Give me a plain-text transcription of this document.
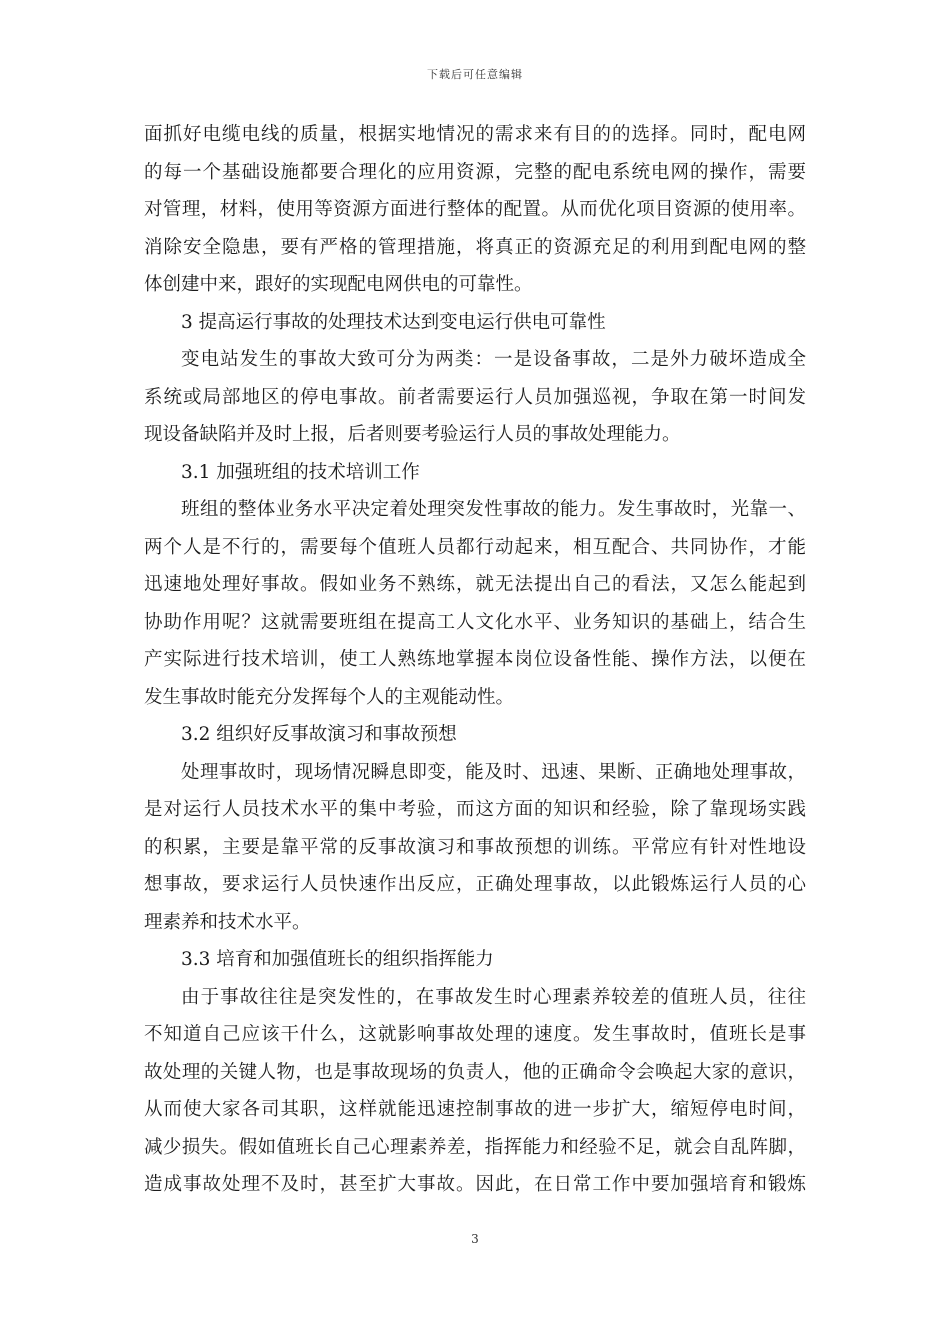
下载后可任意编辑
面抓好电缆电线的质量，根据实地情况的需求来有目的的选择。同时，配电网
的每一个基础设施都要合理化的应用资源，完整的配电系统电网的操作，需要
对管理，材料，使用等资源方面进行整体的配置。从而优化项目资源的使用率。
消除安全隐患，要有严格的管理措施，将真正的资源充足的利用到配电网的整
体创建中来，跟好的实现配电网供电的可靠性。
3 提高运行事故的处理技术达到变电运行供电可靠性
变电站发生的事故大致可分为两类：一是设备事故，二是外力破坏造成全
系统或局部地区的停电事故。前者需要运行人员加强巡视，争取在第一时间发
现设备缺陷并及时上报，后者则要考验运行人员的事故处理能力。
3.1 加强班组的技术培训工作
班组的整体业务水平决定着处理突发性事故的能力。发生事故时，光靠一、
两个人是不行的，需要每个值班人员都行动起来，相互配合、共同协作，才能
迅速地处理好事故。假如业务不熟练，就无法提出自己的看法，又怎么能起到
协助作用呢？这就需要班组在提高工人文化水平、业务知识的基础上，结合生
产实际进行技术培训，使工人熟练地掌握本岗位设备性能、操作方法，以便在
发生事故时能充分发挥每个人的主观能动性。
3.2 组织好反事故演习和事故预想
处理事故时，现场情况瞬息即变，能及时、迅速、果断、正确地处理事故，
是对运行人员技术水平的集中考验，而这方面的知识和经验，除了靠现场实践
的积累，主要是靠平常的反事故演习和事故预想的训练。平常应有针对性地设
想事故，要求运行人员快速作出反应，正确处理事故，以此锻炼运行人员的心
理素养和技术水平。
3.3 培育和加强值班长的组织指挥能力
由于事故往往是突发性的，在事故发生时心理素养较差的值班人员，往往
不知道自己应该干什么，这就影响事故处理的速度。发生事故时，值班长是事
故处理的关键人物，也是事故现场的负责人，他的正确命令会唤起大家的意识，
从而使大家各司其职，这样就能迅速控制事故的进一步扩大，缩短停电时间，
减少损失。假如值班长自己心理素养差，指挥能力和经验不足，就会自乱阵脚，
造成事故处理不及时，甚至扩大事故。因此，在日常工作中要加强培育和锻炼
3
